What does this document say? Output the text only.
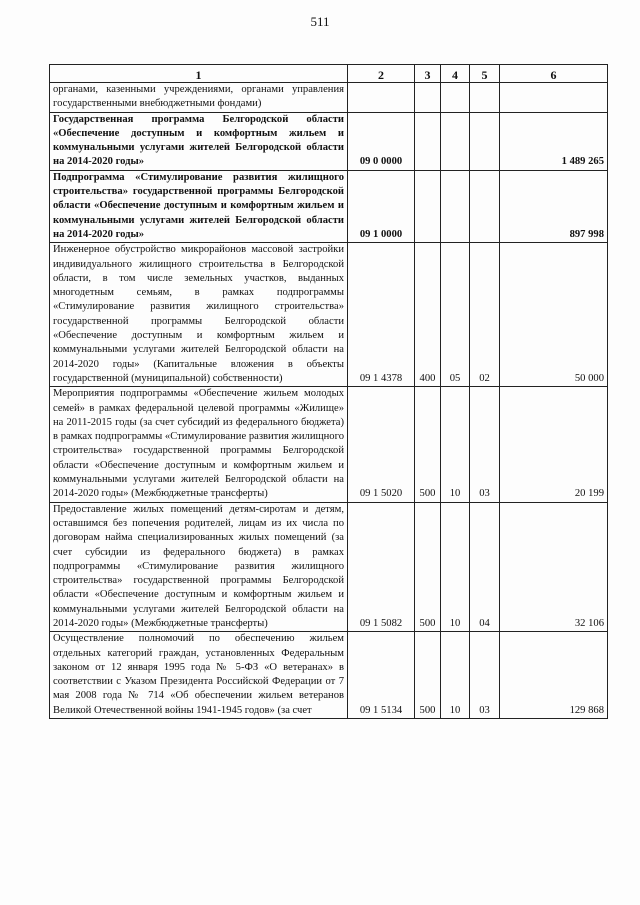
511
1	2	3	4	5	6
органами, казенными учреждениями, органами управления государственными внебюджетными фондами)					
Государственная программа Белгородской области «Обеспечение доступным и комфортным жильем и коммунальными услугами жителей Белгородской области на 2014-2020 годы»	09 0 0000				1 489 265
Подпрограмма «Стимулирование развития жилищного строительства» государственной программы Белгородской области «Обеспечение доступным и комфортным жильем и коммунальными услугами жителей Белгородской области на 2014-2020 годы»	09 1 0000				897 998
Инженерное обустройство микрорайонов массовой застройки индивидуального жилищного строительства в Белгородской области, в том числе земельных участков, выданных многодетным семьям, в рамках подпрограммы «Стимулирование развития жилищного строительства» государственной программы Белгородской области «Обеспечение доступным и комфортным жильем и коммунальными услугами жителей Белгородской области на 2014-2020 годы» (Капитальные вложения в объекты государственной (муниципальной) собственности)	09 1 4378	400	05	02	50 000
Мероприятия подпрограммы «Обеспечение жильем молодых семей» в рамках федеральной целевой программы «Жилище» на 2011-2015 годы (за счет субсидий из федерального бюджета) в рамках подпрограммы «Стимулирование развития жилищного строительства» государственной программы Белгородской области «Обеспечение доступным и комфортным жильем и коммунальными услугами жителей Белгородской области на 2014-2020 годы» (Межбюджетные трансферты)	09 1 5020	500	10	03	20 199
Предоставление жилых помещений детям-сиротам и детям, оставшимся без попечения родителей, лицам из их числа по договорам найма специализированных жилых помещений (за счет субсидии из федерального бюджета) в рамках подпрограммы «Стимулирование развития жилищного строительства» государственной программы Белгородской области «Обеспечение доступным и комфортным жильем и коммунальными услугами жителей Белгородской области на 2014-2020 годы» (Межбюджетные трансферты)	09 1 5082	500	10	04	32 106
Осуществление полномочий по обеспечению жильем отдельных категорий граждан, установленных Федеральным законом от 12 января 1995 года № 5-ФЗ «О ветеранах» в соответствии с Указом Президента Российской Федерации от 7 мая 2008 года № 714 «Об обеспечении жильем ветеранов Великой Отечественной войны 1941-1945 годов» (за счет	09 1 5134	500	10	03	129 868
